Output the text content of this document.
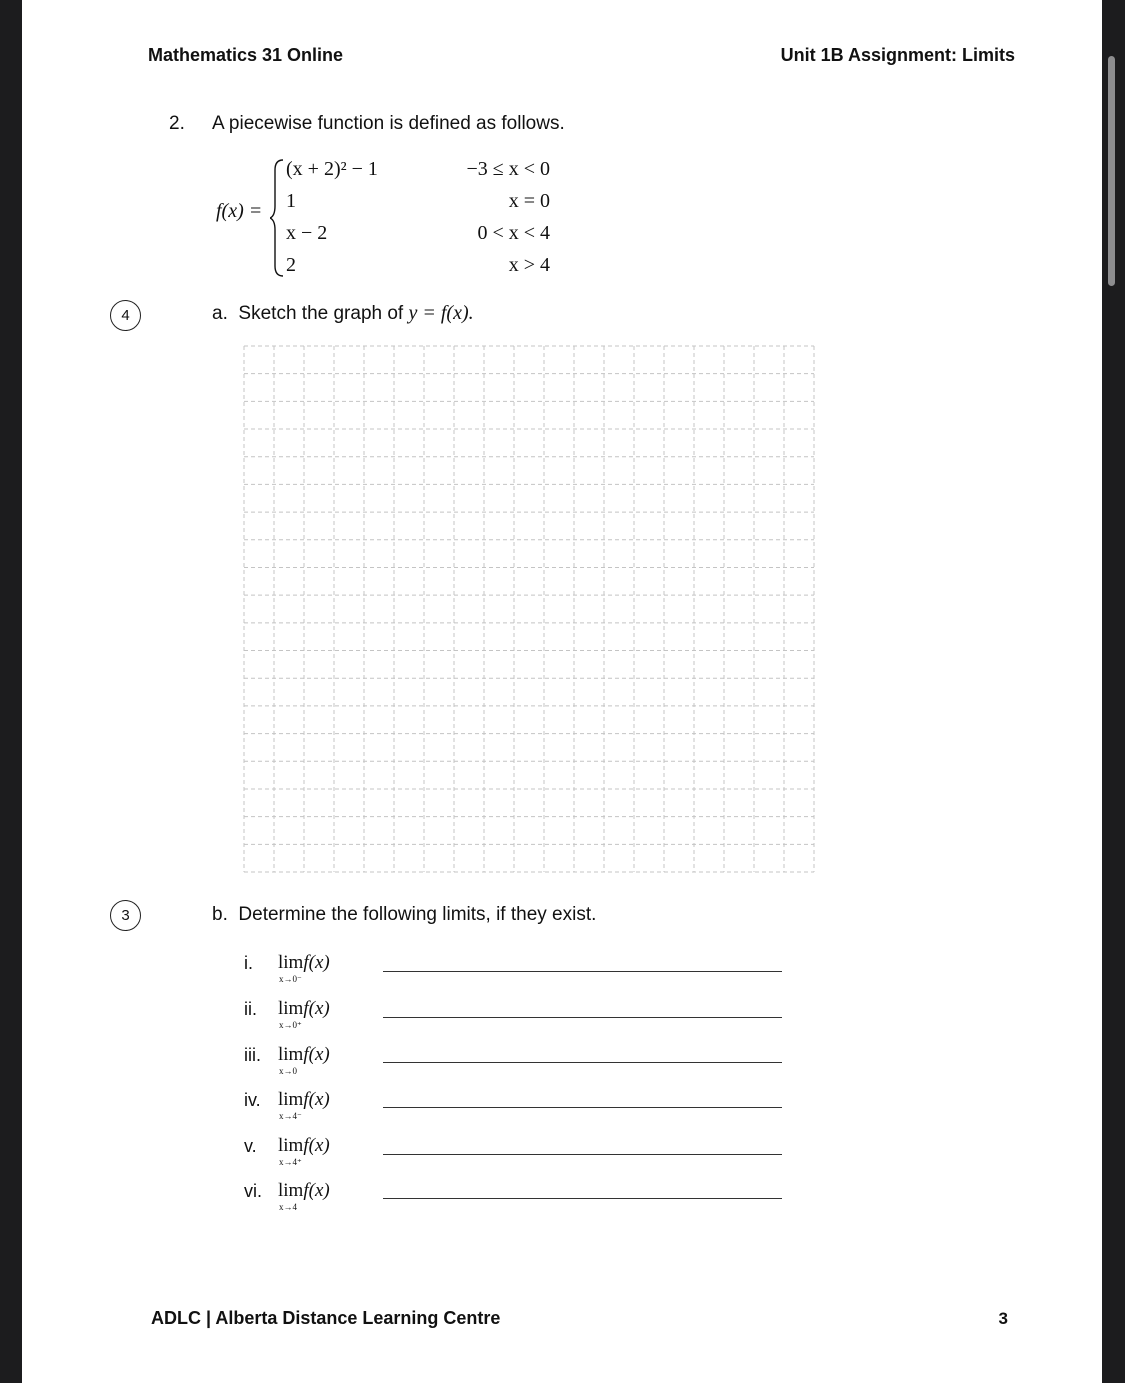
Mathematics 31 Online	Unit 1B Assignment: Limits
2. A piecewise function is defined as follows.
f(x) =
(x + 2)² − 1	−3 ≤ x < 0
1	x = 0
x − 2	0 < x < 4
2	x > 4
4	a. Sketch the graph of y = f(x).
3	b. Determine the following limits, if they exist.
i. limf(x)
x→0⁻
ii. limf(x)
x→0⁺
iii. limf(x)
x→0
iv. limf(x)
x→4⁻
v. limf(x)
x→4⁺
vi. limf(x)
x→4
ADLC | Alberta Distance Learning Centre	3
